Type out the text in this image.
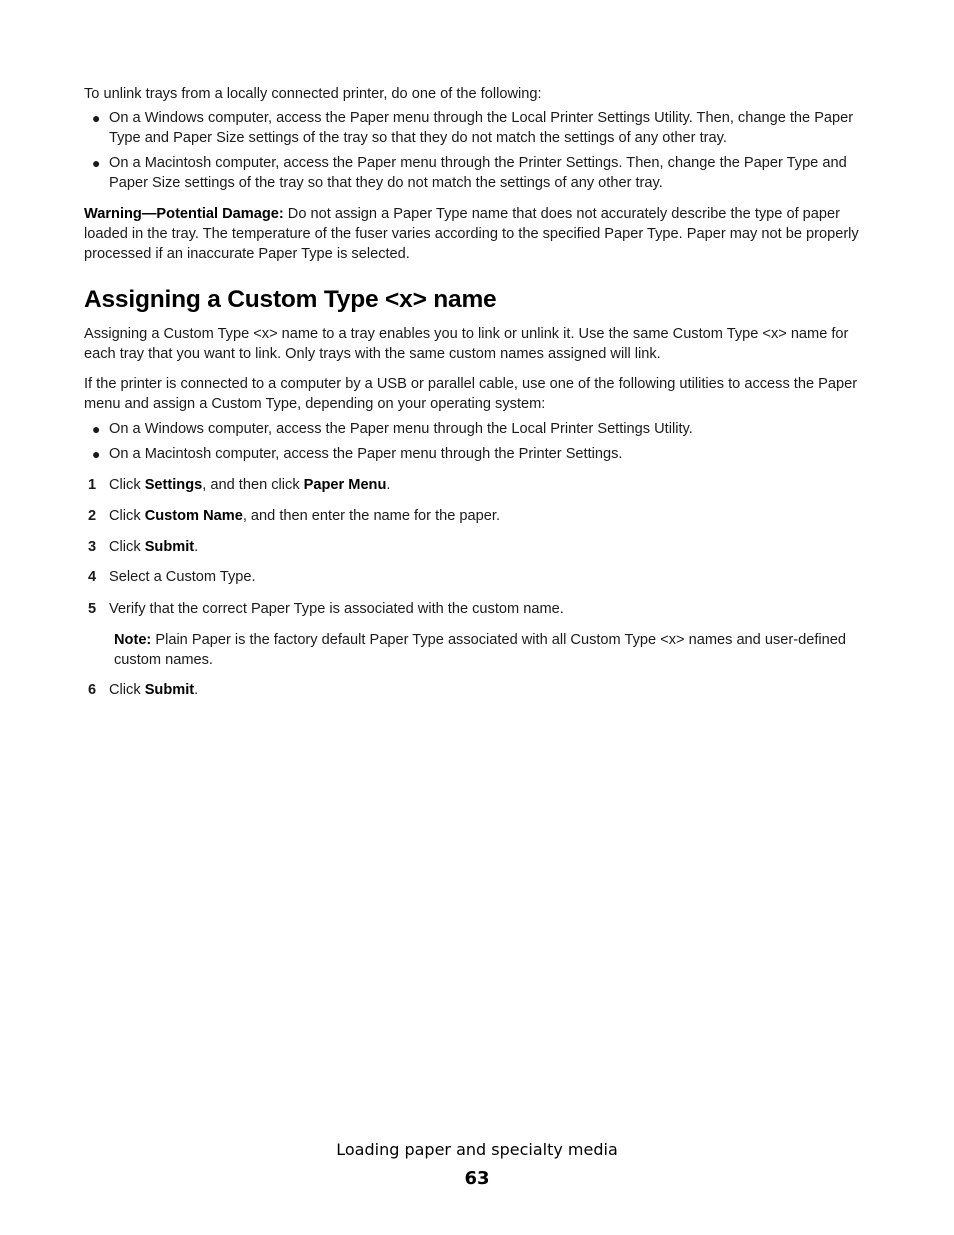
To unlink trays from a locally connected printer, do one of the following:

● On a Windows computer, access the Paper menu through the Local Printer Settings Utility. Then, change the Paper Type and Paper Size settings of the tray so that they do not match the settings of any other tray.

● On a Macintosh computer, access the Paper menu through the Printer Settings. Then, change the Paper Type and Paper Size settings of the tray so that they do not match the settings of any other tray.

Warning—Potential Damage: Do not assign a Paper Type name that does not accurately describe the type of paper loaded in the tray. The temperature of the fuser varies according to the specified Paper Type. Paper may not be properly processed if an inaccurate Paper Type is selected.

Assigning a Custom Type <x> name

Assigning a Custom Type <x> name to a tray enables you to link or unlink it. Use the same Custom Type <x> name for each tray that you want to link. Only trays with the same custom names assigned will link.

If the printer is connected to a computer by a USB or parallel cable, use one of the following utilities to access the Paper menu and assign a Custom Type, depending on your operating system:

● On a Windows computer, access the Paper menu through the Local Printer Settings Utility.

● On a Macintosh computer, access the Paper menu through the Printer Settings.

1 Click Settings, and then click Paper Menu.
2 Click Custom Name, and then enter the name for the paper.
3 Click Submit.
4 Select a Custom Type.
5 Verify that the correct Paper Type is associated with the custom name.

Note: Plain Paper is the factory default Paper Type associated with all Custom Type <x> names and user-defined custom names.

6 Click Submit.
Loading paper and specialty media
63
